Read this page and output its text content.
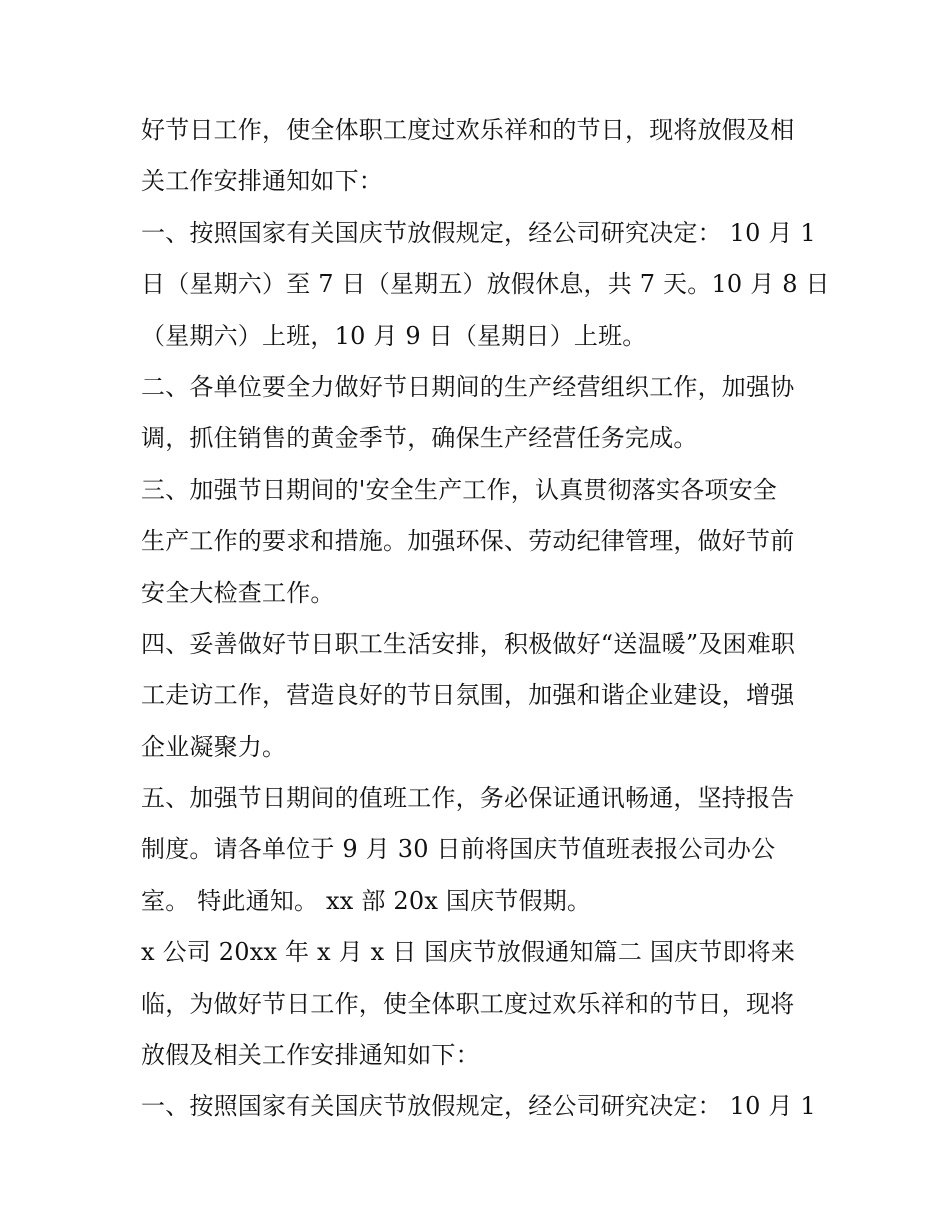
好节日工作，使全体职工度过欢乐祥和的节日，现将放假及相
关工作安排通知如下：
一、按照国家有关国庆节放假规定，经公司研究决定： 10 月 1
日（星期六）至 7 日（星期五）放假休息，共 7 天。10 月 8 日
（星期六）上班，10 月 9 日（星期日）上班。
二、各单位要全力做好节日期间的生产经营组织工作，加强协
调，抓住销售的黄金季节，确保生产经营任务完成。
三、加强节日期间的'安全生产工作，认真贯彻落实各项安全
生产工作的要求和措施。加强环保、劳动纪律管理，做好节前
安全大检查工作。
四、妥善做好节日职工生活安排，积极做好“送温暖”及困难职
工走访工作，营造良好的节日氛围，加强和谐企业建设，增强
企业凝聚力。
五、加强节日期间的值班工作，务必保证通讯畅通，坚持报告
制度。请各单位于 9 月 30 日前将国庆节值班表报公司办公
室。 特此通知。 xx 部 20x 国庆节假期。
x 公司 20xx 年 x 月 x 日 国庆节放假通知篇二 国庆节即将来
临，为做好节日工作，使全体职工度过欢乐祥和的节日，现将
放假及相关工作安排通知如下：
一、按照国家有关国庆节放假规定，经公司研究决定： 10 月 1
